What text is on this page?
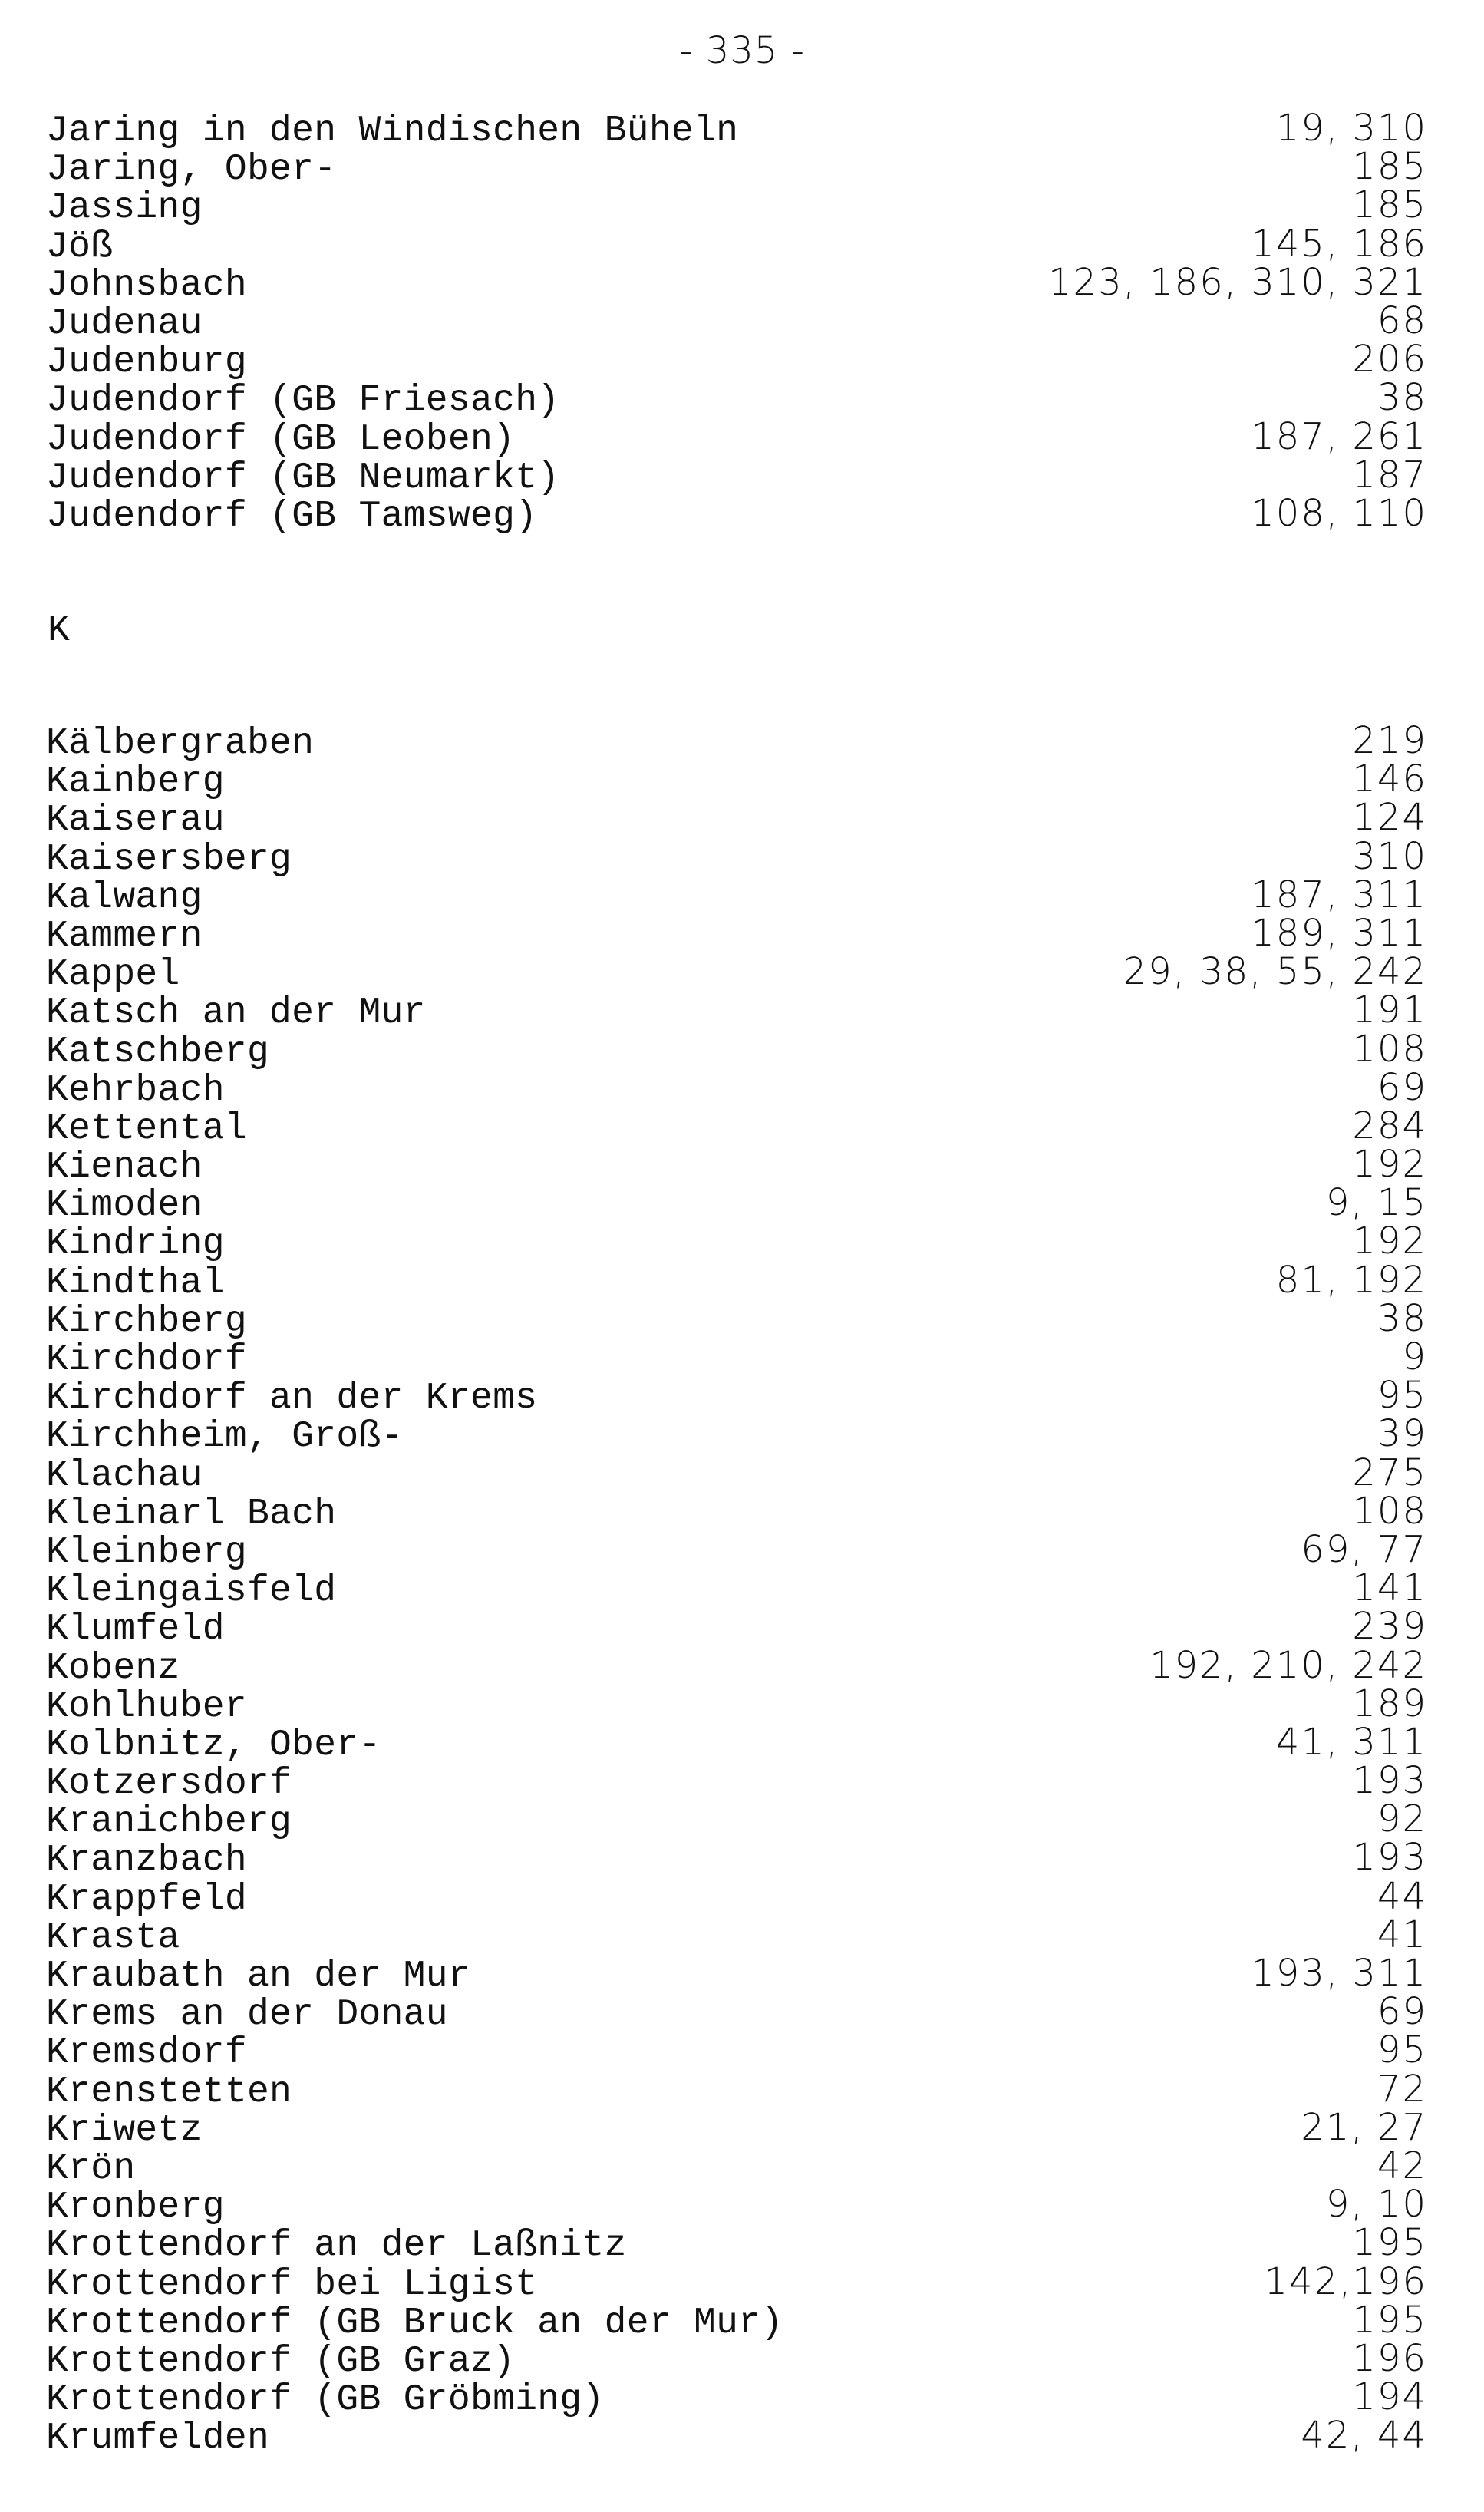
- 335 -
Jaring in den Windischen Büheln	19, 310
Jaring, Ober-	185
Jassing	185
Jöß	145, 186
Johnsbach	123, 186, 310, 321
Judenau	68
Judenburg	206
Judendorf (GB Friesach)	38
Judendorf (GB Leoben)	187, 261
Judendorf (GB Neumarkt)	187
Judendorf (GB Tamsweg)	108, 110
K
Kälbergraben	219
Kainberg	146
Kaiserau	124
Kaisersberg	310
Kalwang	187, 311
Kammern	189, 311
Kappel	29, 38, 55, 242
Katsch an der Mur	191
Katschberg	108
Kehrbach	69
Kettental	284
Kienach	192
Kimoden	9, 15
Kindring	192
Kindthal	81, 192
Kirchberg	38
Kirchdorf	9
Kirchdorf an der Krems	95
Kirchheim, Groß-	39
Klachau	275
Kleinarl Bach	108
Kleinberg	69, 77
Kleingaisfeld	141
Klumfeld	239
Kobenz	192, 210, 242
Kohlhuber	189
Kolbnitz, Ober-	41, 311
Kotzersdorf	193
Kranichberg	92
Kranzbach	193
Krappfeld	44
Krasta	41
Kraubath an der Mur	193, 311
Krems an der Donau	69
Kremsdorf	95
Krenstetten	72
Kriwetz	21, 27
Krön	42
Kronberg	9, 10
Krottendorf an der Laßnitz	195
Krottendorf bei Ligist	142,196
Krottendorf (GB Bruck an der Mur)	195
Krottendorf (GB Graz)	196
Krottendorf (GB Gröbming)	194
Krumfelden	42, 44
